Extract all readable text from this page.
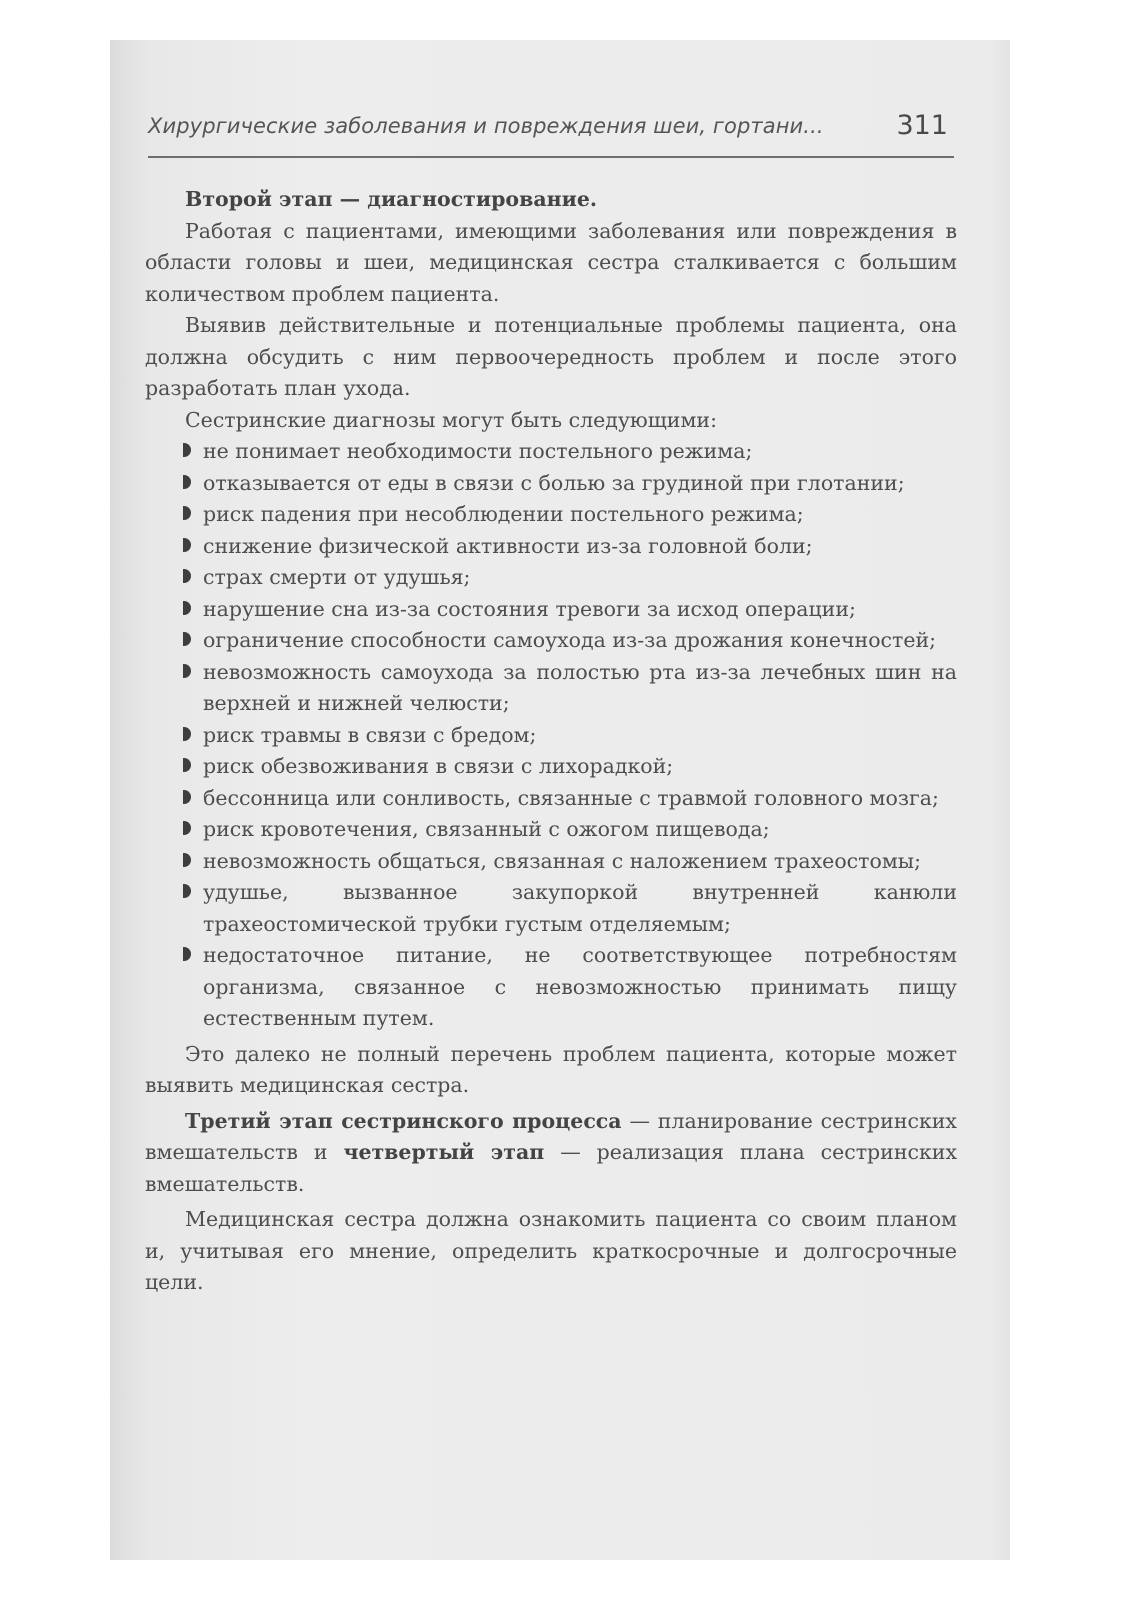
Хирургические заболевания и повреждения шеи, гортани...	311

Второй этап — диагностирование.

Работая с пациентами, имеющими заболевания или повреждения в области головы и шеи, медицинская сестра сталкивается с большим количеством проблем пациента.

Выявив действительные и потенциальные проблемы пациента, она должна обсудить с ним первоочередность проблем и после этого разработать план ухода.

Сестринские диагнозы могут быть следующими:

не понимает необходимости постельного режима;
отказывается от еды в связи с болью за грудиной при глотании;
риск падения при несоблюдении постельного режима;
снижение физической активности из-за головной боли;
страх смерти от удушья;
нарушение сна из-за состояния тревоги за исход операции;
ограничение способности самоухода из-за дрожания конечностей;
невозможность самоухода за полостью рта из-за лечебных шин на верхней и нижней челюсти;
риск травмы в связи с бредом;
риск обезвоживания в связи с лихорадкой;
бессонница или сонливость, связанные с травмой головного мозга;
риск кровотечения, связанный с ожогом пищевода;
невозможность общаться, связанная с наложением трахеостомы;
удушье, вызванное закупоркой внутренней канюли трахеостомической трубки густым отделяемым;
недостаточное питание, не соответствующее потребностям организма, связанное с невозможностью принимать пищу естественным путем.

Это далеко не полный перечень проблем пациента, которые может выявить медицинская сестра.

Третий этап сестринского процесса — планирование сестринских вмешательств и четвертый этап — реализация плана сестринских вмешательств.

Медицинская сестра должна ознакомить пациента со своим планом и, учитывая его мнение, определить краткосрочные и долгосрочные цели.
